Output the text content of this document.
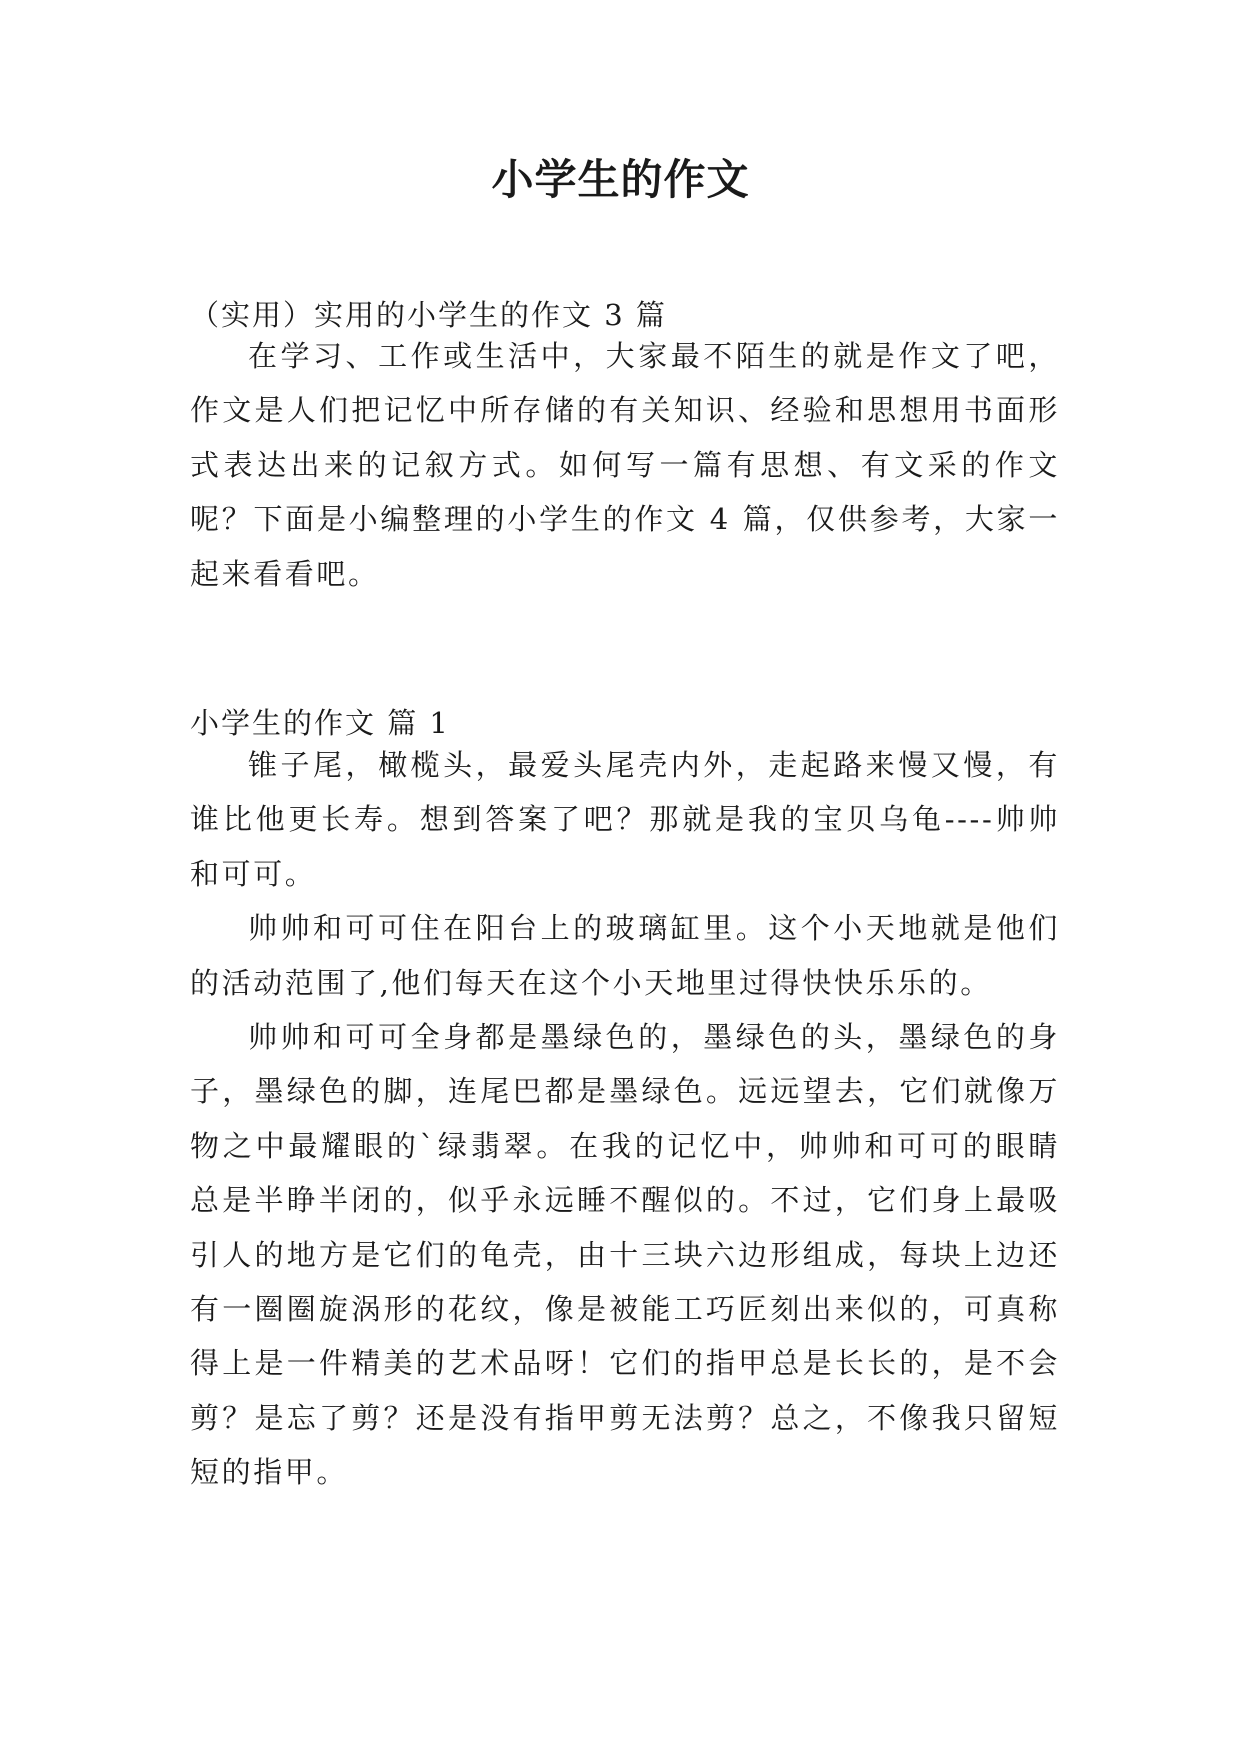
小学生的作文

（实用）实用的小学生的作文 3 篇

在学习、工作或生活中，大家最不陌生的就是作文了吧，作文是人们把记忆中所存储的有关知识、经验和思想用书面形式表达出来的记叙方式。如何写一篇有思想、有文采的作文呢？下面是小编整理的小学生的作文 4 篇，仅供参考，大家一起来看看吧。

小学生的作文 篇 1

锥子尾，橄榄头，最爱头尾壳内外，走起路来慢又慢，有谁比他更长寿。想到答案了吧？那就是我的宝贝乌龟----帅帅和可可。

帅帅和可可住在阳台上的玻璃缸里。这个小天地就是他们的活动范围了,他们每天在这个小天地里过得快快乐乐的。

帅帅和可可全身都是墨绿色的，墨绿色的头，墨绿色的身子，墨绿色的脚，连尾巴都是墨绿色。远远望去，它们就像万物之中最耀眼的`绿翡翠。在我的记忆中，帅帅和可可的眼睛总是半睁半闭的，似乎永远睡不醒似的。不过，它们身上最吸引人的地方是它们的龟壳，由十三块六边形组成，每块上边还有一圈圈旋涡形的花纹，像是被能工巧匠刻出来似的，可真称得上是一件精美的艺术品呀！它们的指甲总是长长的，是不会剪？是忘了剪？还是没有指甲剪无法剪？总之，不像我只留短短的指甲。
